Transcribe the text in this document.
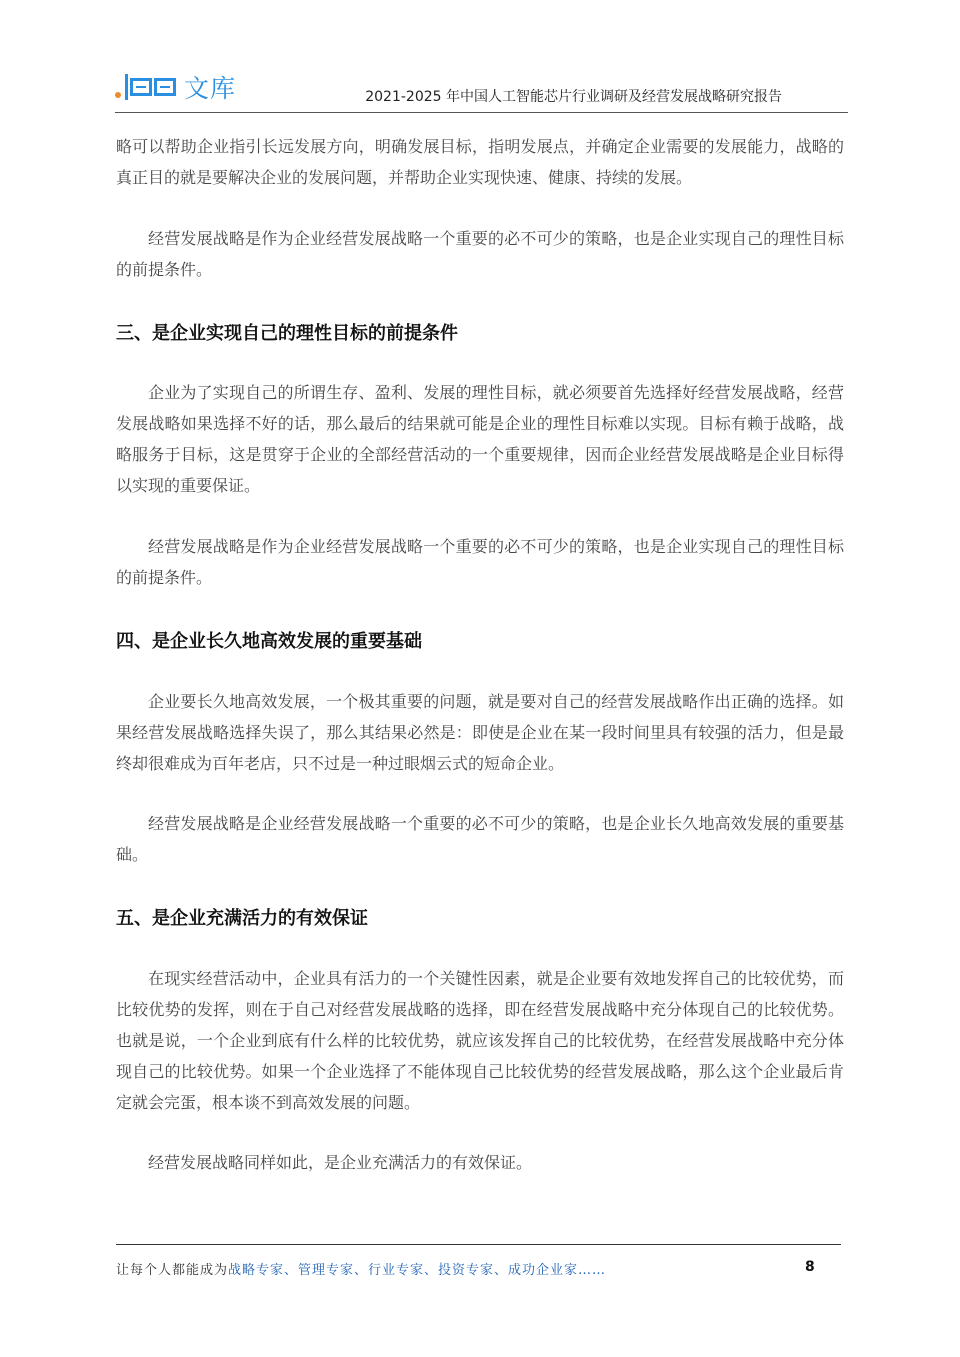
文库	2021-2025 年中国人工智能芯片行业调研及经营发展战略研究报告

略可以帮助企业指引长远发展方向，明确发展目标，指明发展点，并确定企业需要的发展能力，战略的真正目的就是要解决企业的发展问题，并帮助企业实现快速、健康、持续的发展。

经营发展战略是作为企业经营发展战略一个重要的必不可少的策略，也是企业实现自己的理性目标的前提条件。

三、是企业实现自己的理性目标的前提条件

企业为了实现自己的所谓生存、盈利、发展的理性目标，就必须要首先选择好经营发展战略，经营发展战略如果选择不好的话，那么最后的结果就可能是企业的理性目标难以实现。目标有赖于战略，战略服务于目标，这是贯穿于企业的全部经营活动的一个重要规律，因而企业经营发展战略是企业目标得以实现的重要保证。

经营发展战略是作为企业经营发展战略一个重要的必不可少的策略，也是企业实现自己的理性目标的前提条件。

四、是企业长久地高效发展的重要基础

企业要长久地高效发展，一个极其重要的问题，就是要对自己的经营发展战略作出正确的选择。如果经营发展战略选择失误了，那么其结果必然是：即使是企业在某一段时间里具有较强的活力，但是最终却很难成为百年老店，只不过是一种过眼烟云式的短命企业。

经营发展战略是企业经营发展战略一个重要的必不可少的策略，也是企业长久地高效发展的重要基础。

五、是企业充满活力的有效保证

在现实经营活动中，企业具有活力的一个关键性因素，就是企业要有效地发挥自己的比较优势，而比较优势的发挥，则在于自己对经营发展战略的选择，即在经营发展战略中充分体现自己的比较优势。也就是说，一个企业到底有什么样的比较优势，就应该发挥自己的比较优势，在经营发展战略中充分体现自己的比较优势。如果一个企业选择了不能体现自己比较优势的经营发展战略，那么这个企业最后肯定就会完蛋，根本谈不到高效发展的问题。

经营发展战略同样如此，是企业充满活力的有效保证。

让每个人都能成为战略专家、管理专家、行业专家、投资专家、成功企业家……	8
